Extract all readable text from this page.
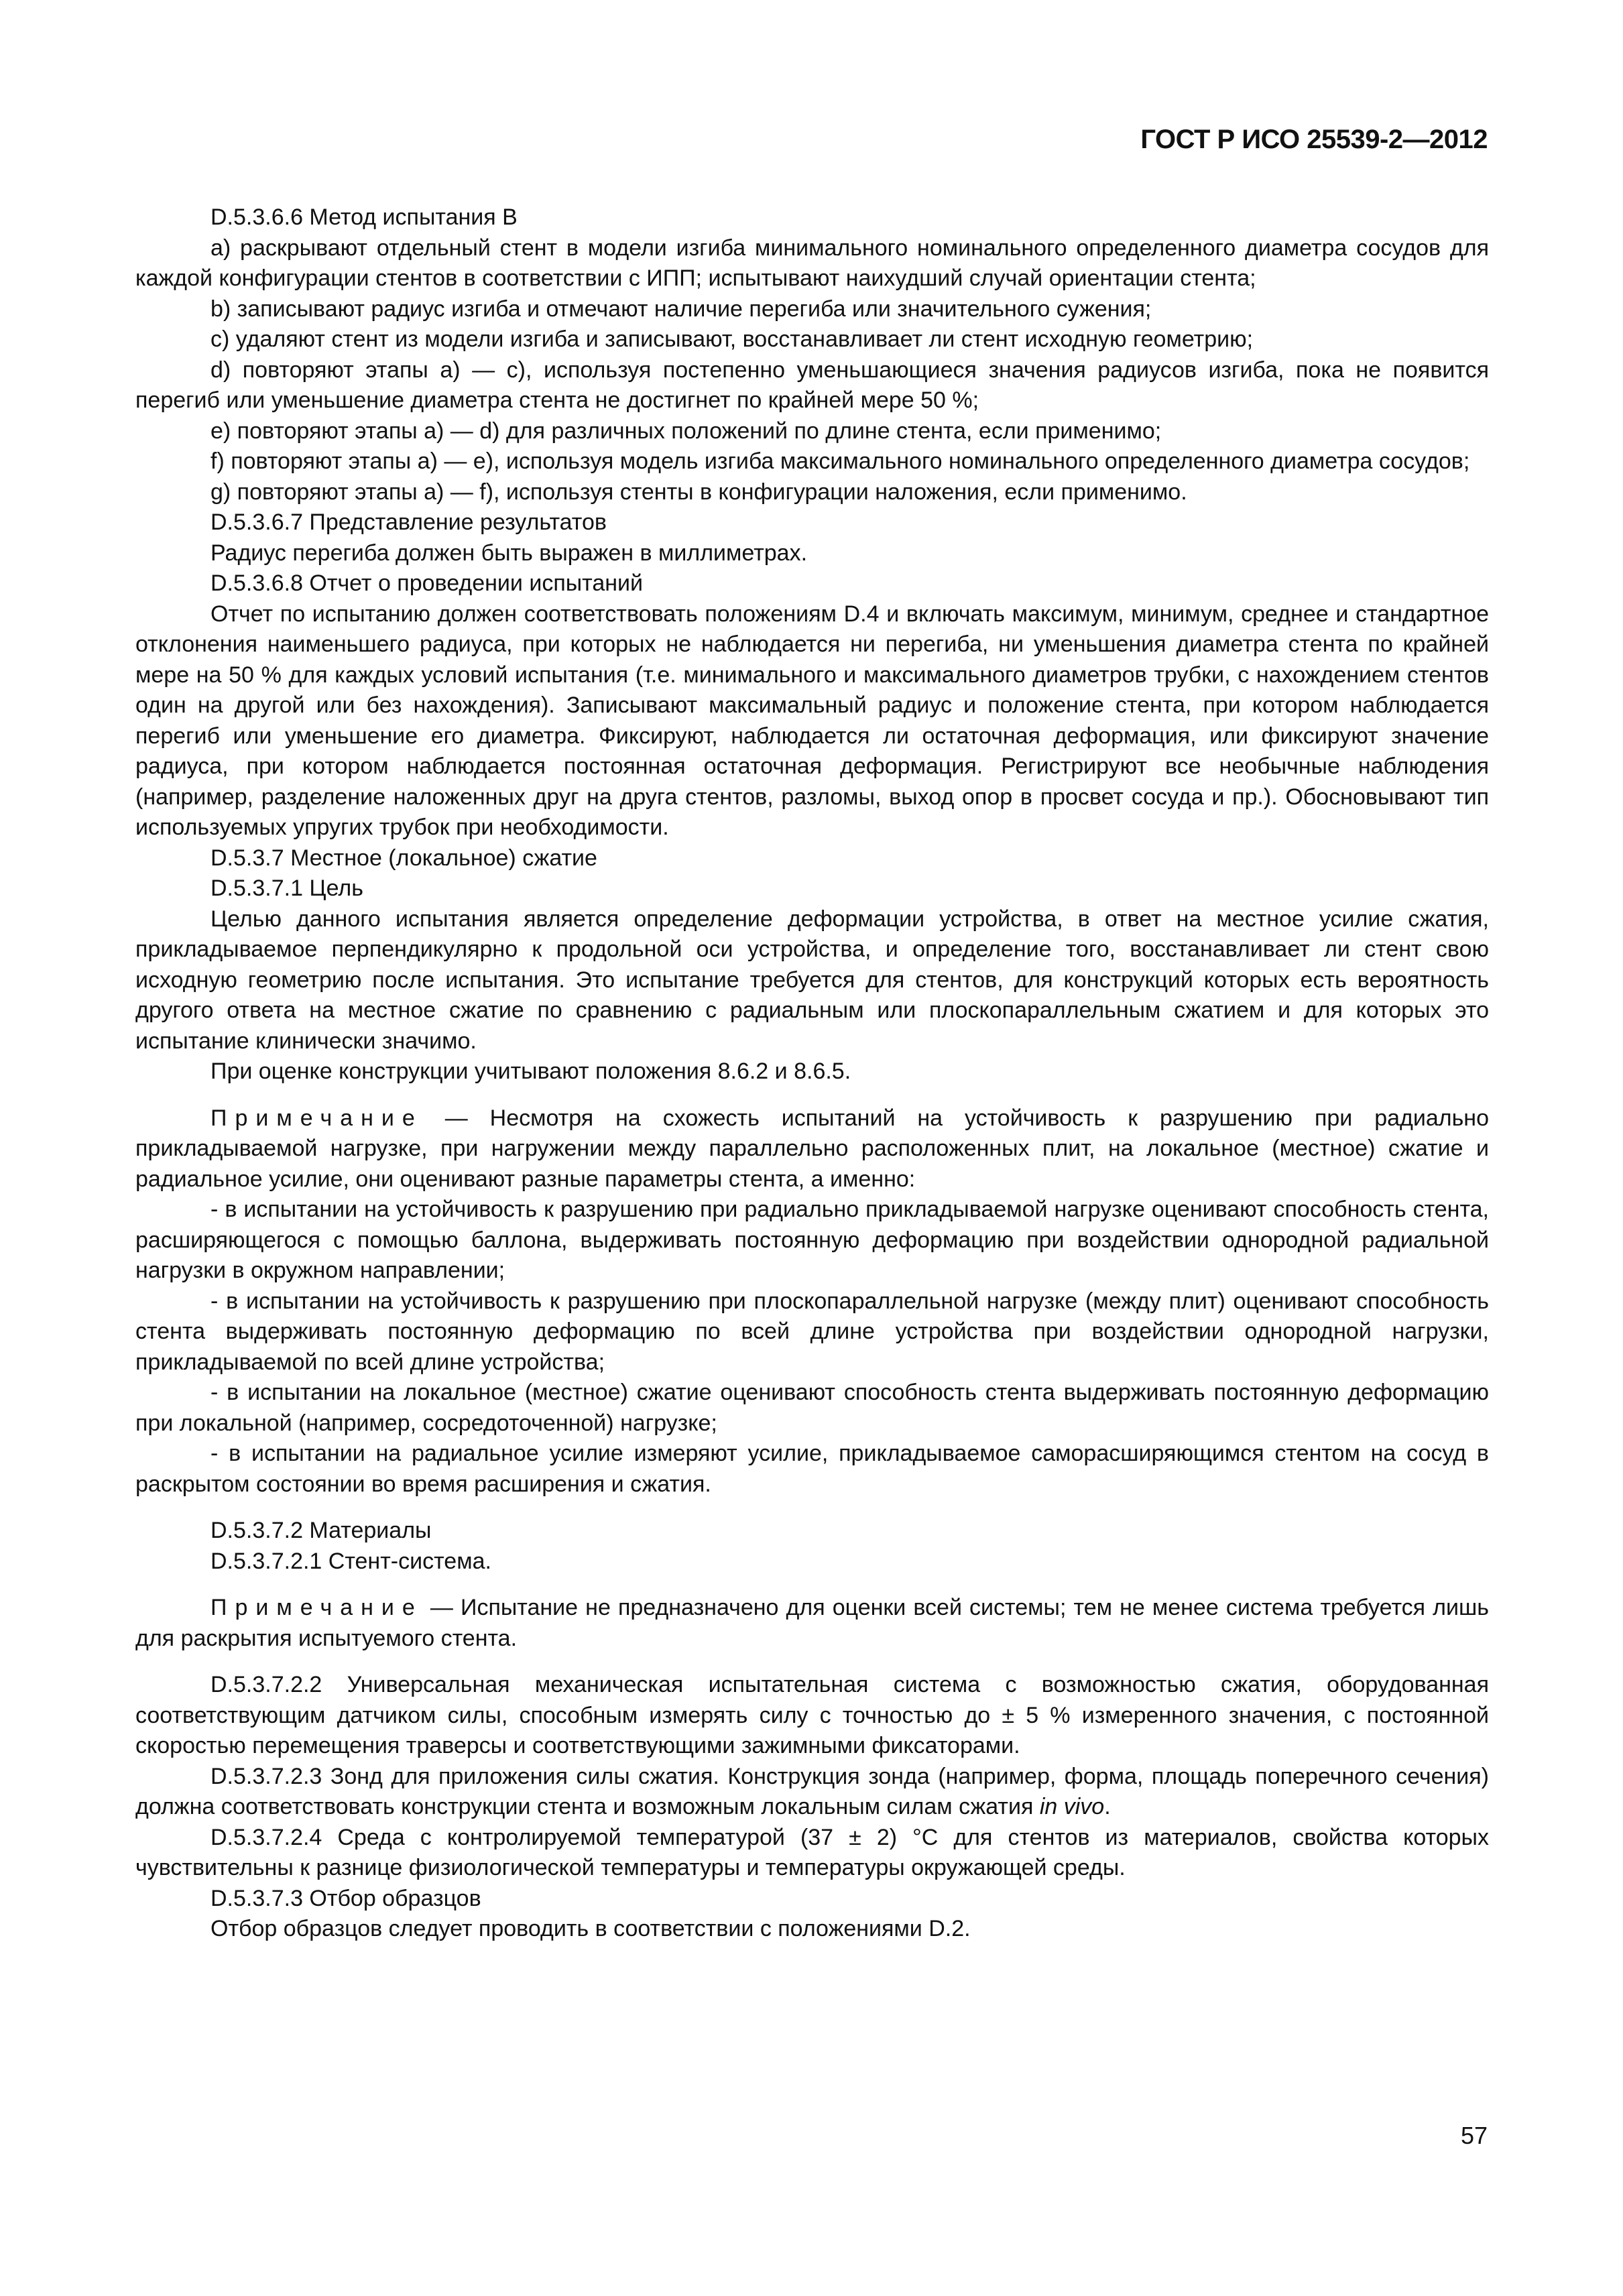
ГОСТ Р ИСО 25539-2—2012

D.5.3.6.6 Метод испытания В

а) раскрывают отдельный стент в модели изгиба минимального номинального определенного диаметра сосудов для каждой конфигурации стентов в соответствии с ИПП; испытывают наихудший случай ориентации стента;

b) записывают радиус изгиба и отмечают наличие перегиба или значительного сужения;

с) удаляют стент из модели изгиба и записывают, восстанавливает ли стент исходную геометрию;

d) повторяют этапы а) — с), используя постепенно уменьшающиеся значения радиусов изгиба, пока не появится перегиб или уменьшение диаметра стента не достигнет по крайней мере 50 %;

е) повторяют этапы а) — d) для различных положений по длине стента, если применимо;

f) повторяют этапы а) — е), используя модель изгиба максимального номинального определенного диаметра сосудов;

g) повторяют этапы а) — f), используя стенты в конфигурации наложения, если применимо.

D.5.3.6.7 Представление результатов

Радиус перегиба должен быть выражен в миллиметрах.

D.5.3.6.8 Отчет о проведении испытаний

Отчет по испытанию должен соответствовать положениям D.4 и включать максимум, минимум, среднее и стандартное отклонения наименьшего радиуса, при которых не наблюдается ни перегиба, ни уменьшения диаметра стента по крайней мере на 50 % для каждых условий испытания (т.е. минимального и максимального диаметров трубки, с нахождением стентов один на другой или без нахождения). Записывают максимальный радиус и положение стента, при котором наблюдается перегиб или уменьшение его диаметра. Фиксируют, наблюдается ли остаточная деформация, или фиксируют значение радиуса, при котором наблюдается постоянная остаточная деформация. Регистрируют все необычные наблюдения (например, разделение наложенных друг на друга стентов, разломы, выход опор в просвет сосуда и пр.). Обосновывают тип используемых упругих трубок при необходимости.

D.5.3.7 Местное (локальное) сжатие

D.5.3.7.1 Цель

Целью данного испытания является определение деформации устройства, в ответ на местное усилие сжатия, прикладываемое перпендикулярно к продольной оси устройства, и определение того, восстанавливает ли стент свою исходную геометрию после испытания. Это испытание требуется для стентов, для конструкций которых есть вероятность другого ответа на местное сжатие по сравнению с радиальным или плоскопараллельным сжатием и для которых это испытание клинически значимо.

При оценке конструкции учитывают положения 8.6.2 и 8.6.5.

Примечание — Несмотря на схожесть испытаний на устойчивость к разрушению при радиально прикладываемой нагрузке, при нагружении между параллельно расположенных плит, на локальное (местное) сжатие и радиальное усилие, они оценивают разные параметры стента, а именно:

- в испытании на устойчивость к разрушению при радиально прикладываемой нагрузке оценивают способность стента, расширяющегося с помощью баллона, выдерживать постоянную деформацию при воздействии однородной радиальной нагрузки в окружном направлении;

- в испытании на устойчивость к разрушению при плоскопараллельной нагрузке (между плит) оценивают способность стента выдерживать постоянную деформацию по всей длине устройства при воздействии однородной нагрузки, прикладываемой по всей длине устройства;

- в испытании на локальное (местное) сжатие оценивают способность стента выдерживать постоянную деформацию при локальной (например, сосредоточенной) нагрузке;

- в испытании на радиальное усилие измеряют усилие, прикладываемое саморасширяющимся стентом на сосуд в раскрытом состоянии во время расширения и сжатия.

D.5.3.7.2 Материалы

D.5.3.7.2.1 Стент-система.

Примечание — Испытание не предназначено для оценки всей системы; тем не менее система требуется лишь для раскрытия испытуемого стента.

D.5.3.7.2.2 Универсальная механическая испытательная система с возможностью сжатия, оборудованная соответствующим датчиком силы, способным измерять силу с точностью до ± 5 % измеренного значения, с постоянной скоростью перемещения траверсы и соответствующими зажимными фиксаторами.

D.5.3.7.2.3 Зонд для приложения силы сжатия. Конструкция зонда (например, форма, площадь поперечного сечения) должна соответствовать конструкции стента и возможным локальным силам сжатия in vivo.

D.5.3.7.2.4 Среда с контролируемой температурой (37 ± 2) °С для стентов из материалов, свойства которых чувствительны к разнице физиологической температуры и температуры окружающей среды.

D.5.3.7.3 Отбор образцов

Отбор образцов следует проводить в соответствии с положениями D.2.

57
